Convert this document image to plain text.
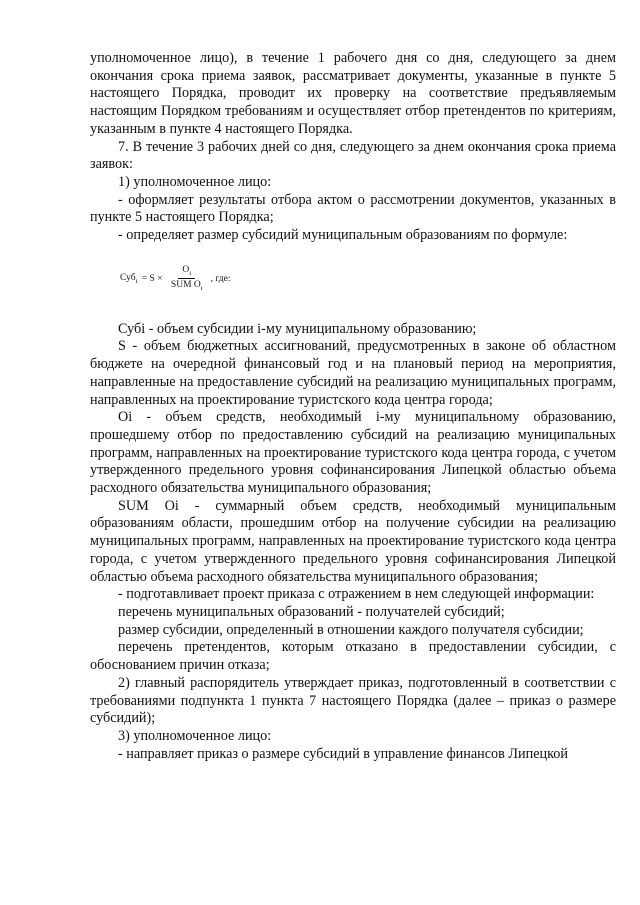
уполномоченное лицо), в течение 1 рабочего дня со дня, следующего за днем окончания срока приема заявок, рассматривает документы, указанные в пункте 5 настоящего Порядка, проводит их проверку на соответствие предъявляемым настоящим Порядком требованиям и осуществляет отбор претендентов по критериям, указанным в пункте 4 настоящего Порядка.

7. В течение 3 рабочих дней со дня, следующего за днем окончания срока приема заявок:

1) уполномоченное лицо:

- оформляет результаты отбора актом о рассмотрении документов, указанных в пункте 5 настоящего Порядка;

- определяет размер субсидий муниципальным образованиям по формуле:

$Суб_i = S \times \frac{О_i}{SUM О_i}$ , где:

Субi - объем субсидии i-му муниципальному образованию;

S - объем бюджетных ассигнований, предусмотренных в законе об областном бюджете на очередной финансовый год и на плановый период на мероприятия, направленные на предоставление субсидий на реализацию муниципальных программ, направленных на проектирование туристского кода центра города;

Оi - объем средств, необходимый i-му муниципальному образованию, прошедшему отбор по предоставлению субсидий на реализацию муниципальных программ, направленных на проектирование туристского кода центра города, с учетом утвержденного предельного уровня софинансирования Липецкой областью объема расходного обязательства муниципального образования;

SUM Оi - суммарный объем средств, необходимый муниципальным образованиям области, прошедшим отбор на получение субсидии на реализацию муниципальных программ, направленных на проектирование туристского кода центра города, с учетом утвержденного предельного уровня софинансирования Липецкой областью объема расходного обязательства муниципального образования;

- подготавливает проект приказа с отражением в нем следующей информации:

перечень муниципальных образований - получателей субсидий;

размер субсидии, определенный в отношении каждого получателя субсидии;

перечень претендентов, которым отказано в предоставлении субсидии, с обоснованием причин отказа;

2) главный распорядитель утверждает приказ, подготовленный в соответствии с требованиями подпункта 1 пункта 7 настоящего Порядка (далее – приказ о размере субсидий);

3) уполномоченное лицо:

- направляет приказ о размере субсидий в управление финансов Липецкой
